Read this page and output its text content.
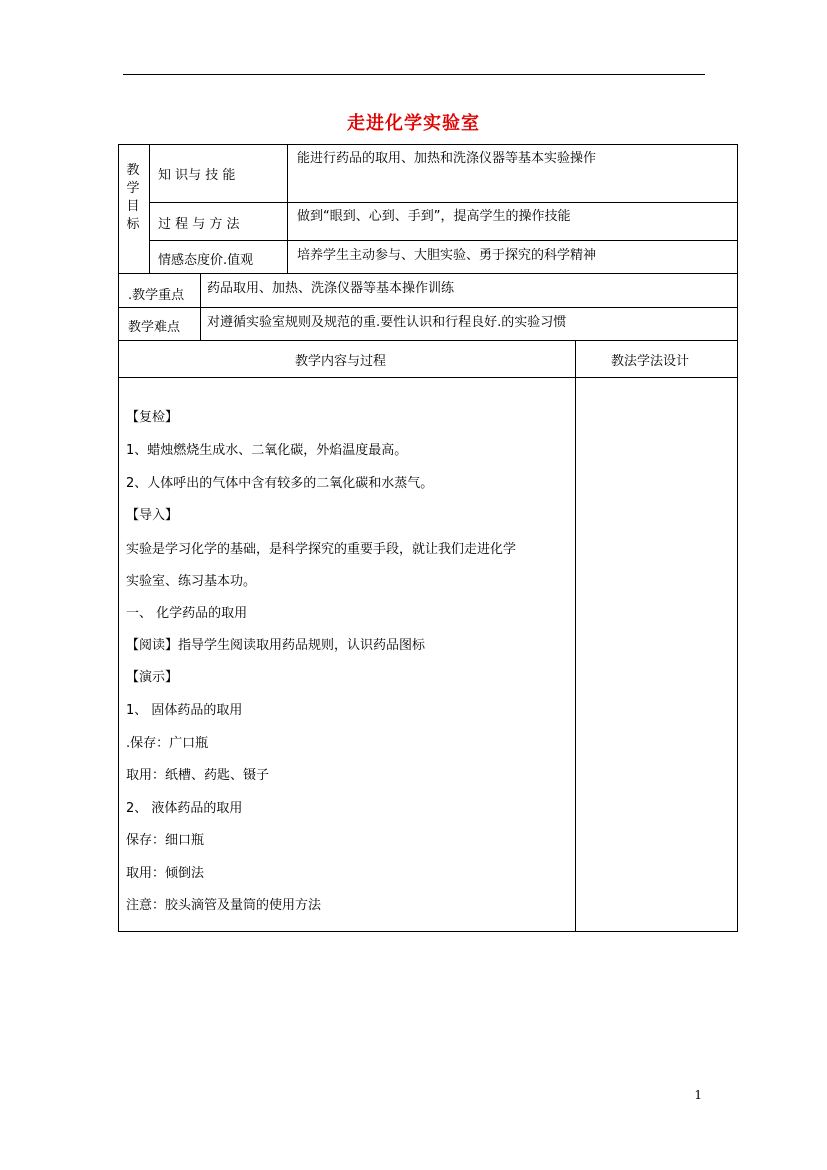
走进化学实验室
教
学
目
标
知 识与 技 能
能进行药品的取用、加热和洗涤仪器等基本实验操作
过 程 与 方 法
做到“眼到、心到、手到”，提高学生的操作技能
情感态度价.值观	培养学生主动参与、大胆实验、勇于探究的科学精神
.教学重点 药品取用、加热、洗涤仪器等基本操作训练
教学难点 对遵循实验室规则及规范的重.要性认识和行程良好.的实验习惯
教学内容与过程	教法学法设计
【复检】
1、蜡烛燃烧生成水、二氧化碳，外焰温度最高。
2、人体呼出的气体中含有较多的二氧化碳和水蒸气。
【导入】
实验是学习化学的基础，是科学探究的重要手段，就让我们走进化学
实验室、练习基本功。
一、 化学药品的取用
【阅读】指导学生阅读取用药品规则，认识药品图标
【演示】
1、 固体药品的取用
.保存：广口瓶
取用：纸槽、药匙、镊子
2、 液体药品的取用
保存：细口瓶
取用：倾倒法
注意：胶头滴管及量筒的使用方法
1
